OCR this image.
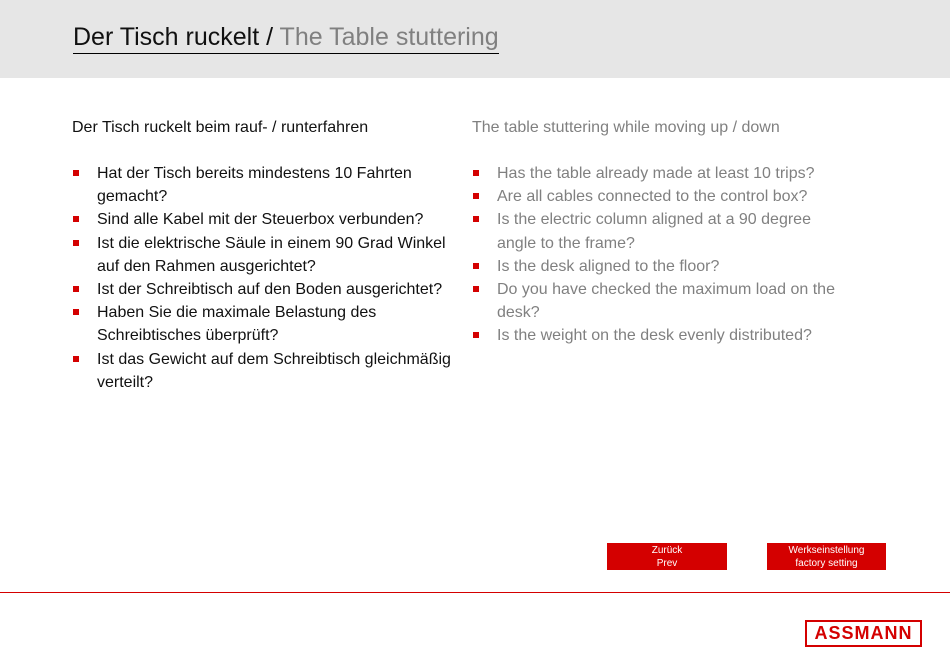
Der Tisch ruckelt / The Table stuttering
Der Tisch ruckelt beim rauf- / runterfahren
Hat der Tisch bereits mindestens 10 Fahrten gemacht?
Sind alle Kabel mit der Steuerbox verbunden?
Ist die elektrische Säule in einem 90 Grad Winkel auf den Rahmen ausgerichtet?
Ist der Schreibtisch auf den Boden ausgerichtet?
Haben Sie die maximale Belastung des Schreibtisches überprüft?
Ist das Gewicht auf dem Schreibtisch gleichmäßig verteilt?
The table stuttering while moving up / down
Has the table already made at least 10 trips?
Are all cables connected to the control box?
Is the electric column aligned at a 90 degree angle to the frame?
Is the desk aligned to the floor?
Do you have checked the maximum load on the desk?
Is the weight on the desk evenly distributed?
Zurück
Prev
Werkseinstellung
factory setting
ASSMANN
